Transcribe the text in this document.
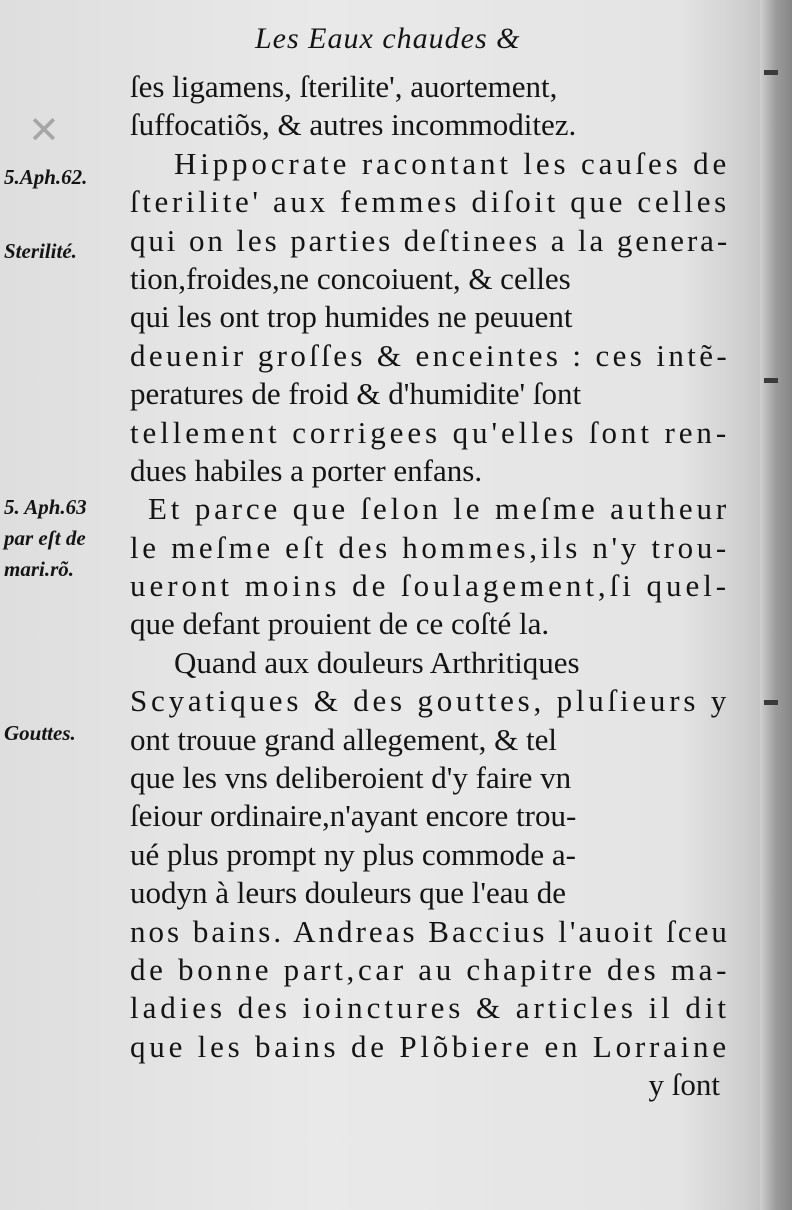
Les Eaux chaudes &
✕
5.Aph.62.
Sterilité.
5. Aph.63
par eſt de
mari.rõ.
Gouttes.
ſes ligamens, ſterilite', auortement,
ſuffocatiõs, & autres incommoditez.
Hippocrate racontant les cauſes de
ſterilite' aux femmes diſoit que celles
qui on les parties deſtinees a la genera-
tion,froides,ne concoiuent, & celles
qui les ont trop humides ne peuuent
deuenir groſſes & enceintes : ces intẽ-
peratures de froid & d'humidite' ſont
tellement corrigees qu'elles ſont ren-
dues habiles a porter enfans.
Et parce que ſelon le meſme autheur
le meſme eſt des hommes,ils n'y trou-
ueront moins de ſoulagement,ſi quel-
que defant prouient de ce coſté la.
Quand aux douleurs Arthritiques
Scyatiques & des gouttes, pluſieurs y
ont trouue grand allegement, & tel
que les vns deliberoient d'y faire vn
ſeiour ordinaire,n'ayant encore trou-
ué plus prompt ny plus commode a-
uodyn à leurs douleurs que l'eau de
nos bains. Andreas Baccius l'auoit ſceu
de bonne part,car au chapitre des ma-
ladies des ioinctures & articles il dit
que les bains de Plõbiere en Lorraine
y ſont
